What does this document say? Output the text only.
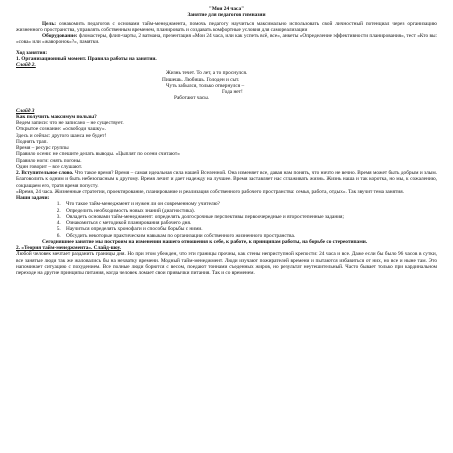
"Мои 24 часа"
Занятие для педагогов гимназии

Цель: ознакомить педагогов с основами тайм-менеджмента, помочь педагогу научиться максимально использовать свой личностный потенциал через организацию жизненного пространства, управлять собственным временем, планировать и создавать комфортные условия для самореализации

Оборудование: фломастеры, флип-чарты, 2 ватмана, презентация «Мои 24 часа, или как успеть всё, все», анкеты «Определение эффективности планирования», тест «Кто вы: «сова» или «жаворонок»?», памятки.

Ход занятия:
1. Организационный момент. Правила работы на занятии.
Слайд 2.
Жизнь течет. То лет, а то проснулся.
Пишешь. Любишь. Голоден и сыт.
Чуть забылся, только отвернулся –
Года нет!
Работают часы.
Слайд 3
Как получить максимум пользы?
Ведем записи: что не записано – не существует.
Открытое сознание: «освободи чашку».
Здесь и сейчас: другого шанса не будет!
Поднять трап.
Время – ресурс группы
Правило осени: не спешите делать выводы. «Цыплят по осени считают»
Правило ноги: снять погоны.
Один говорит – все слушают.

2. Вступительное слово. Что такое время? Время – самая идеальная сила нашей Вселенной. Она изменяет все, давая нам понять, что ничто не вечно. Время может быть добрым и злым. Благоволить к одним и быть небезопасным к другому. Время лечит и дает надежду на лучшее. Время заставляет нас сглаживать жизнь. Жизнь наша и так коротка, но мы, к сожалению, сокращаем его, тратя время попусту.

«Время, 24 часа. Жизненные стратегии, проектирование, планирование и реализация собственного рабочего пространства: семья, работа, отдых». Так звучит тема занятия.

Наши задачи:
1. Что такое тайм-менеджмент и нужен ли он современному учителю?
2. Определить необходимость новых знаний (диагностика).
3. Овладеть основами тайм-менеджмент: определять долгосрочные перспективы первоочередные и второстепенные задания;
4. Ознакомиться с методикой планирования рабочего дня.
5. Научиться определять хронофаги и способы борьбы с ними.
6. Обсудить некоторые практическим навыкам по организации собственного жизненного пространства.

Сегодняшнее занятие мы построим на изменении нашего отношения к себе, к работе, к принципам работы, на борьбе со стереотипами.

2. «Теория тайм-менеджмента». Слайд-шоу.

Любой человек мечтает разданить границы дня. Но при этом убежден, что эти границы прочны, как стены неприступной крепости: 24 часа и все. Даже если бы было 96 часов в сутки, все занятые люди так же жаловались бы на нехватку времени. Модный тайм-менеджмент. Люди изучают пожирателей времени и пытаются избавиться от них, но все и ныне там. Это напоминает ситуацию с похудением. Все полные люди борются с весом, поедают тоннами съеденных жиров, но результат неутешительный. Часто бывает только при кардинальном переходе на другие принципы питания, когда человек ломает свои привычки питания. Так и со временем.
